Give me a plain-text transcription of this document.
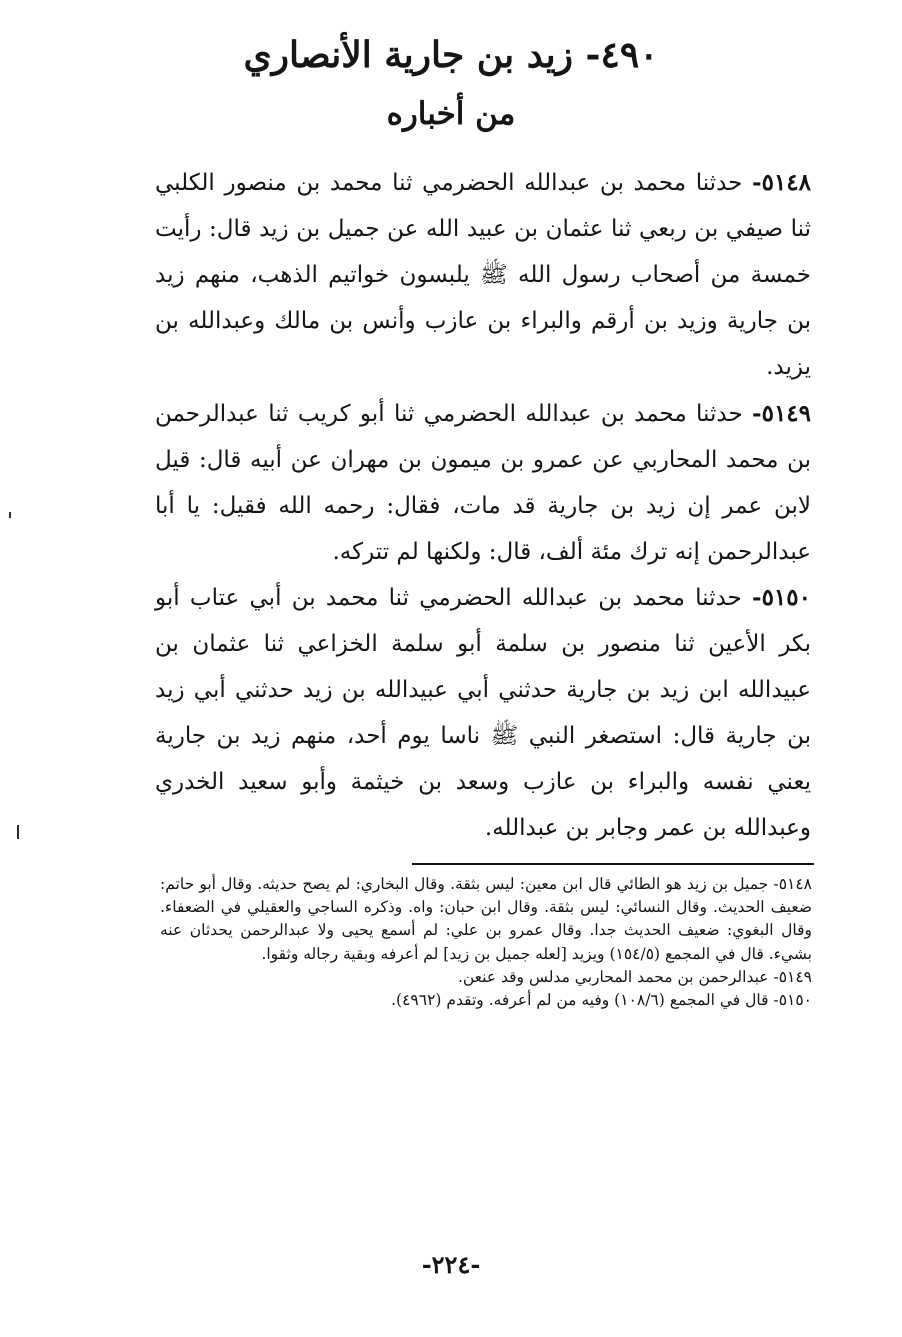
٤٩٠- زيد بن جارية الأنصاري
من أخباره

٥١٤٨- حدثنا محمد بن عبدالله الحضرمي ثنا محمد بن منصور الكلبي ثنا صيفي بن ربعي ثنا عثمان بن عبيد الله عن جميل بن زيد قال: رأيت خمسة من أصحاب رسول الله ﷺ يلبسون خواتيم الذهب، منهم زيد بن جارية وزيد بن أرقم والبراء بن عازب وأنس بن مالك وعبدالله بن يزيد.

٥١٤٩- حدثنا محمد بن عبدالله الحضرمي ثنا أبو كريب ثنا عبدالرحمن بن محمد المحاربي عن عمرو بن ميمون بن مهران عن أبيه قال: قيل لابن عمر إن زيد بن جارية قد مات، فقال: رحمه الله فقيل: يا أبا عبدالرحمن إنه ترك مئة ألف، قال: ولكنها لم تتركه.

٥١٥٠- حدثنا محمد بن عبدالله الحضرمي ثنا محمد بن أبي عتاب أبو بكر الأعين ثنا منصور بن سلمة أبو سلمة الخزاعي ثنا عثمان بن عبيدالله ابن زيد بن جارية حدثني أبي عبيدالله بن زيد حدثني أبي زيد بن جارية قال: استصغر النبي ﷺ ناسا يوم أحد، منهم زيد بن جارية يعني نفسه والبراء بن عازب وسعد بن خيثمة وأبو سعيد الخدري وعبدالله بن عمر وجابر بن عبدالله.

٥١٤٨- جميل بن زيد هو الطائي قال ابن معين: ليس بثقة. وقال البخاري: لم يصح حديثه. وقال أبو حاتم: ضعيف الحديث. وقال النسائي: ليس بثقة. وقال ابن حبان: واه. وذكره الساجي والعقيلي في الضعفاء. وقال البغوي: ضعيف الحديث جدا. وقال عمرو بن علي: لم أسمع يحيى ولا عبدالرحمن يحدثان عنه بشيء. قال في المجمع (١٥٤/٥) ويزيد [لعله جميل بن زيد] لم أعرفه وبقية رجاله وثقوا.

٥١٤٩- عبدالرحمن بن محمد المحاربي مدلس وقد عنعن.

٥١٥٠- قال في المجمع (١٠٨/٦) وفيه من لم أعرفه. وتقدم (٤٩٦٢).

-٢٢٤-
